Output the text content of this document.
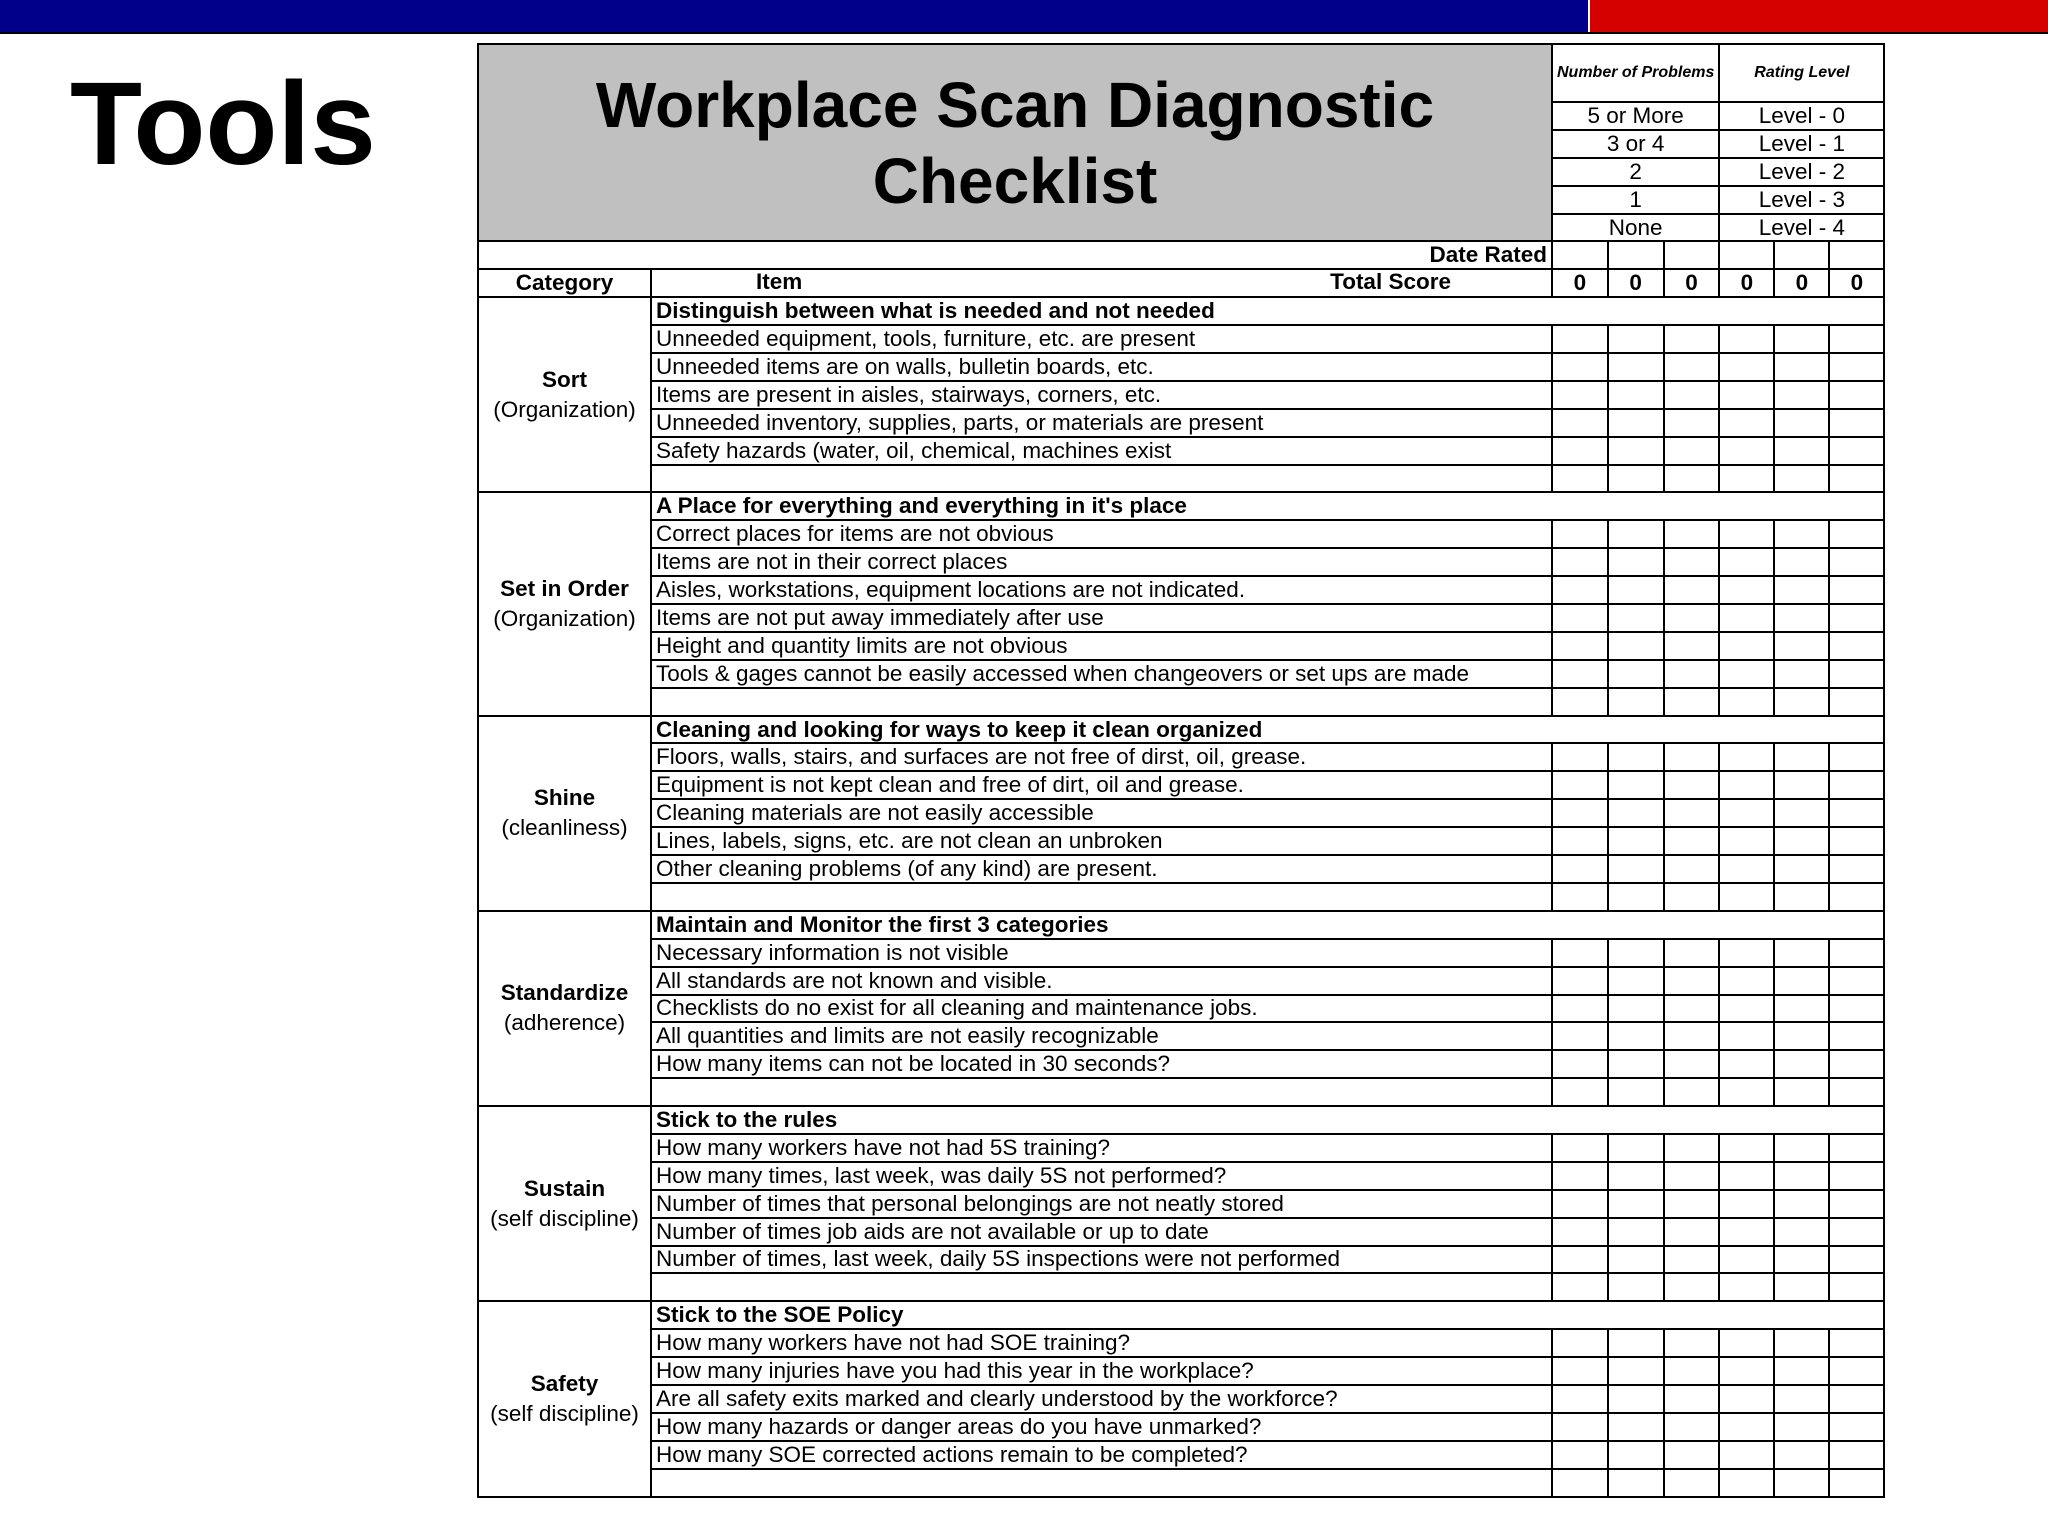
Tools	Workplace Scan Diagnostic Checklist		Number of Problems			Rating Level		
		5 or More			Level - 0		
		3 or 4			Level - 1		
		2			Level - 2		
		1			Level - 3		
		None			Level - 4		
Date Rated							
Category	Item Total Score	0	0	0	0	0	0

Sort
(Organization)	Distinguish between what is needed and not needed						
	Unneeded equipment, tools, furniture, etc. are present						
	Unneeded items are on walls, bulletin boards, etc.						
	Items are present in aisles, stairways, corners, etc.						
	Unneeded inventory, supplies, parts, or materials are present						
	Safety hazards (water, oil, chemical, machines exist						

Set in Order
(Organization)	A Place for everything and everything in it's place						
	Correct places for items are not obvious						
	Items are not in their correct places						
	Aisles, workstations, equipment locations are not indicated.						
	Items are not put away immediately after use						
	Height and quantity limits are not obvious						
	Tools & gages cannot be easily accessed when changeovers or set ups are made						

Shine
(cleanliness)	Cleaning and looking for ways to keep it clean organized						
	Floors, walls, stairs, and surfaces are not free of dirst, oil, grease.						
	Equipment is not kept clean and free of dirt, oil and grease.						
	Cleaning materials are not easily accessible						
	Lines, labels, signs, etc. are not clean an unbroken						
	Other cleaning problems (of any kind) are present.						

Standardize
(adherence)	Maintain and Monitor the first 3 categories						
	Necessary information is not visible						
	All standards are not known and visible.						
	Checklists do no exist for all cleaning and maintenance jobs.						
	All quantities and limits are not easily recognizable						
	How many items can not be located in 30 seconds?						

Sustain
(self discipline)	Stick to the rules						
	How many workers have not had 5S training?						
	How many times, last week, was daily 5S not performed?						
	Number of times that personal belongings are not neatly stored						
	Number of times job aids are not available or up to date						
	Number of times, last week, daily 5S inspections were not performed						

Safety
(self discipline)	Stick to the SOE Policy						
	How many workers have not had SOE training?						
	How many injuries have you had this year in the workplace?						
	Are all safety exits marked and clearly understood by the workforce?						
	How many hazards or danger areas do you have unmarked?						
	How many SOE corrected actions remain to be completed?						
